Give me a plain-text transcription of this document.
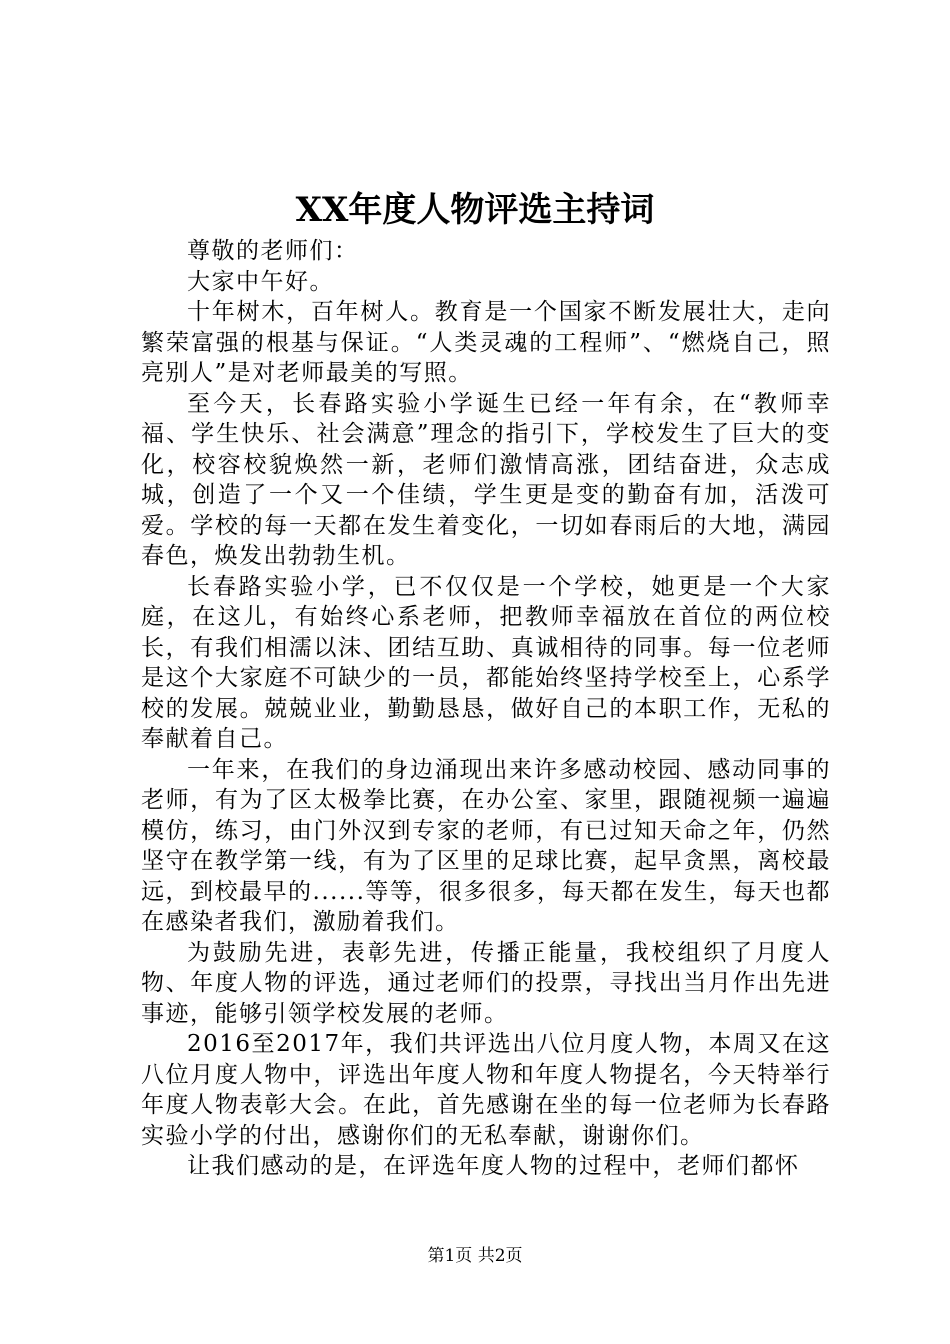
XX年度人物评选主持词

尊敬的老师们：

大家中午好。

十年树木，百年树人。教育是一个国家不断发展壮大，走向繁荣富强的根基与保证。“人类灵魂的工程师”、“燃烧自己，照亮别人”是对老师最美的写照。

至今天，长春路实验小学诞生已经一年有余，在“教师幸福、学生快乐、社会满意”理念的指引下，学校发生了巨大的变化，校容校貌焕然一新，老师们激情高涨，团结奋进，众志成城，创造了一个又一个佳绩，学生更是变的勤奋有加，活泼可爱。学校的每一天都在发生着变化，一切如春雨后的大地，满园春色，焕发出勃勃生机。

长春路实验小学，已不仅仅是一个学校，她更是一个大家庭，在这儿，有始终心系老师，把教师幸福放在首位的两位校长，有我们相濡以沫、团结互助、真诚相待的同事。每一位老师是这个大家庭不可缺少的一员，都能始终坚持学校至上，心系学校的发展。兢兢业业，勤勤恳恳，做好自己的本职工作，无私的奉献着自己。

一年来，在我们的身边涌现出来许多感动校园、感动同事的老师，有为了区太极拳比赛，在办公室、家里，跟随视频一遍遍模仿，练习，由门外汉到专家的老师，有已过知天命之年，仍然坚守在教学第一线，有为了区里的足球比赛，起早贪黑，离校最远，到校最早的......等等，很多很多，每天都在发生，每天也都在感染者我们，激励着我们。

为鼓励先进，表彰先进，传播正能量，我校组织了月度人物、年度人物的评选，通过老师们的投票，寻找出当月作出先进事迹，能够引领学校发展的老师。

2016至2017年，我们共评选出八位月度人物，本周又在这八位月度人物中，评选出年度人物和年度人物提名，今天特举行年度人物表彰大会。在此，首先感谢在坐的每一位老师为长春路实验小学的付出，感谢你们的无私奉献，谢谢你们。

让我们感动的是，在评选年度人物的过程中，老师们都怀

第1页 共2页
